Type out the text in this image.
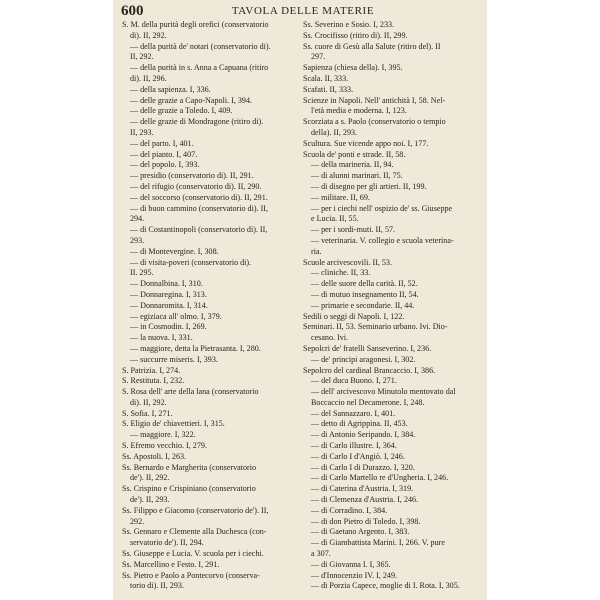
600	TAVOLA DELLE MATERIE
S. M. della purità degli orefici (conservatorio
di). II, 292.
— della purità de' notari (conservatorio di).
II, 292.
— della purità in s. Anna a Capuana (ritiro
di). II, 296.
— della sapienza. I, 336.
— delle grazie a Capo-Napoli. I, 394.
— delle grazie a Toledo. I, 409.
— delle grazie di Mondragone (ritiro di).
II, 293.
— del parto. I, 401.
— del pianto. I, 407.
— del popolo. I, 393.
— presidio (conservatorio di). II, 291.
— del rifugio (conservatorio di). II, 290.
— del soccorso (conservatorio di). II, 291.
— di buon cammino (conservatorio di). II,
294.
— di Costantinopoli (conservatorio di). II,
293.
— di Montevergine. I, 308.
— di visita-poveri (conservatorio di).
II. 295.
— Donnalbina. I, 310.
— Donnaregina. I, 313.
— Donnaromita. I, 314.
— egiziaca all' olmo. I, 379.
— in Cosmodin. I, 269.
— la nuova. I, 331.
— maggiore, detta la Pietrasanta. I, 280.
— succurre miseris. I, 393.
S. Patrizia. I, 274.
S. Restituta. I, 232.
S. Rosa dell' arte della lana (conservatorio
di). II, 292.
S. Sofia. I, 271.
S. Eligio de' chiavettieri. I, 315.
— maggiore. I, 322.
S. Efremo vecchio. I, 279.
Ss. Apostoli. I, 263.
Ss. Bernardo e Margherita (conservatorio
de'). II, 292.
Ss. Crispino e Crispiniano (conservatorio
de'). II, 293.
Ss. Filippo e Giacomo (conservatorio de'). II,
292.
Ss. Gennaro e Clemente alla Duchesca (con-
servatorio de'). II, 294.
Ss. Giuseppe e Lucia. V. scuola per i ciechi.
Ss. Marcellino e Festo. I, 291.
Ss. Pietro e Paolo a Pontecorvo (conserva-
torio di). II, 293.
Ss. Severino e Sosio. I, 233.
Ss. Crocifisso (ritiro di). II, 299.
Ss. cuore di Gesù alla Salute (ritiro del). II
297.
Sapienza (chiesa della). I, 395.
Scala. II, 333.
Scafati. II, 333.
Scienze in Napoli. Nell' antichità I, 58. Nel-
l'età media e moderna. I, 123.
Scorziata a s. Paolo (conservatorio o tempio
della). II, 293.
Scultura. Sue vicende appo noi. I, 177.
Scuola de' ponti e strade. II, 58.
— della marineria. II, 94.
— di alunni marinari. II, 75.
— di disegno per gli artieri. II, 199.
— militare. II, 69.
— per i ciechi nell' ospizio de' ss. Giuseppe
e Lucia. II, 55.
— per i sordi-muti. II, 57.
— veterinaria. V. collegio e scuola veterina-
ria.
Scuole arcivescovili. II, 53.
— cliniche. II, 33.
— delle suore della carità. II, 52.
— di mutuo insegnamento II, 54.
— primarie e secondarie. II, 44.
Sedili o seggi di Napoli. I, 122.
Seminari. II, 53. Seminario urbano. Ivi. Dio-
cesano. Ivi.
Sepolcri de' fratelli Sanseverino. I, 236.
— de' principi aragonesi. I, 302.
Sepolcro del cardinal Brancaccio. I, 386.
— del duca Buono. I, 271.
— dell' arcivescovo Minutolo mentovato dal
Boccaccio nel Decamerone. I, 248.
— del Sannazzaro. I, 401.
— detto di Agrippina. II, 453.
— di Antonio Seripando. I, 384.
— di Carlo illustre. I, 364.
— di Carlo I d'Angiò. I, 246.
— di Carlo I di Durazzo. I, 320.
— di Carlo Martello re d'Ungheria. I, 246.
— di Caterina d'Austria. I, 319.
— di Clemenza d'Austria. I, 246.
— di Corradino. I, 384.
— di don Pietro di Toledo. I, 398.
— di Gaetano Argento. I, 383.
— di Giambattista Marini. I, 266. V. pure
a 307.
— di Giovanna I. I, 365.
— d'Innocenzio IV. I, 249.
— di Porzia Capece, moglie di I. Rota. I, 305.
